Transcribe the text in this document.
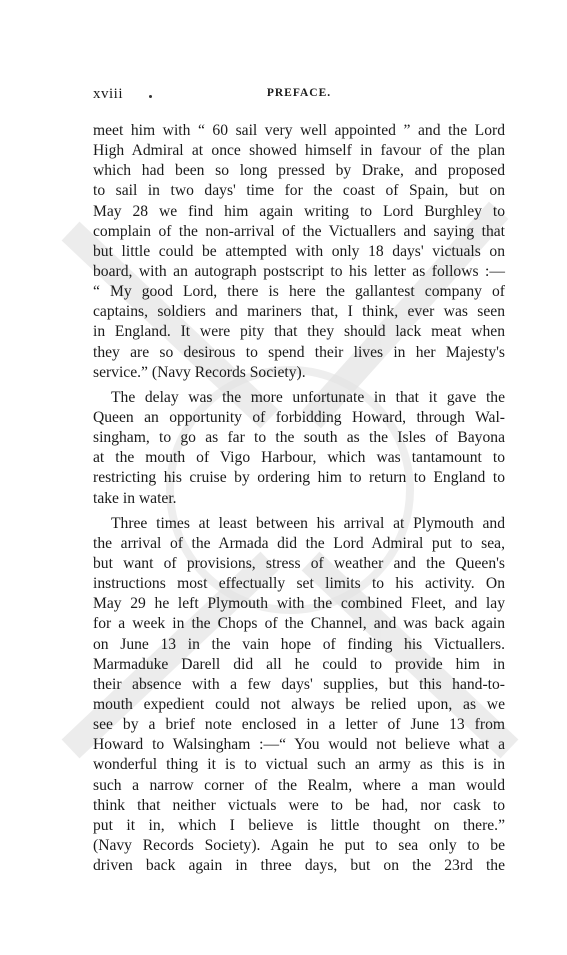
xviii	PREFACE.

meet him with “ 60 sail very well appointed ” and the Lord
High Admiral at once showed himself in favour of the plan
which had been so long pressed by Drake, and proposed
to sail in two days' time for the coast of Spain, but on
May 28 we find him again writing to Lord Burghley to
complain of the non-arrival of the Victuallers and saying that
but little could be attempted with only 18 days' victuals on
board, with an autograph postscript to his letter as follows :—
“ My good Lord, there is here the gallantest company of
captains, soldiers and mariners that, I think, ever was seen
in England. It were pity that they should lack meat when
they are so desirous to spend their lives in her Majesty's
service.” (Navy Records Society).

The delay was the more unfortunate in that it gave the
Queen an opportunity of forbidding Howard, through Wal-
singham, to go as far to the south as the Isles of Bayona
at the mouth of Vigo Harbour, which was tantamount to
restricting his cruise by ordering him to return to England to
take in water.

Three times at least between his arrival at Plymouth and
the arrival of the Armada did the Lord Admiral put to sea,
but want of provisions, stress of weather and the Queen's
instructions most effectually set limits to his activity. On
May 29 he left Plymouth with the combined Fleet, and lay
for a week in the Chops of the Channel, and was back again
on June 13 in the vain hope of finding his Victuallers.
Marmaduke Darell did all he could to provide him in
their absence with a few days' supplies, but this hand-to-
mouth expedient could not always be relied upon, as we
see by a brief note enclosed in a letter of June 13 from
Howard to Walsingham :—“ You would not believe what a
wonderful thing it is to victual such an army as this is in
such a narrow corner of the Realm, where a man would
think that neither victuals were to be had, nor cask to
put it in, which I believe is little thought on there.”
(Navy Records Society). Again he put to sea only to be
driven back again in three days, but on the 23rd the
